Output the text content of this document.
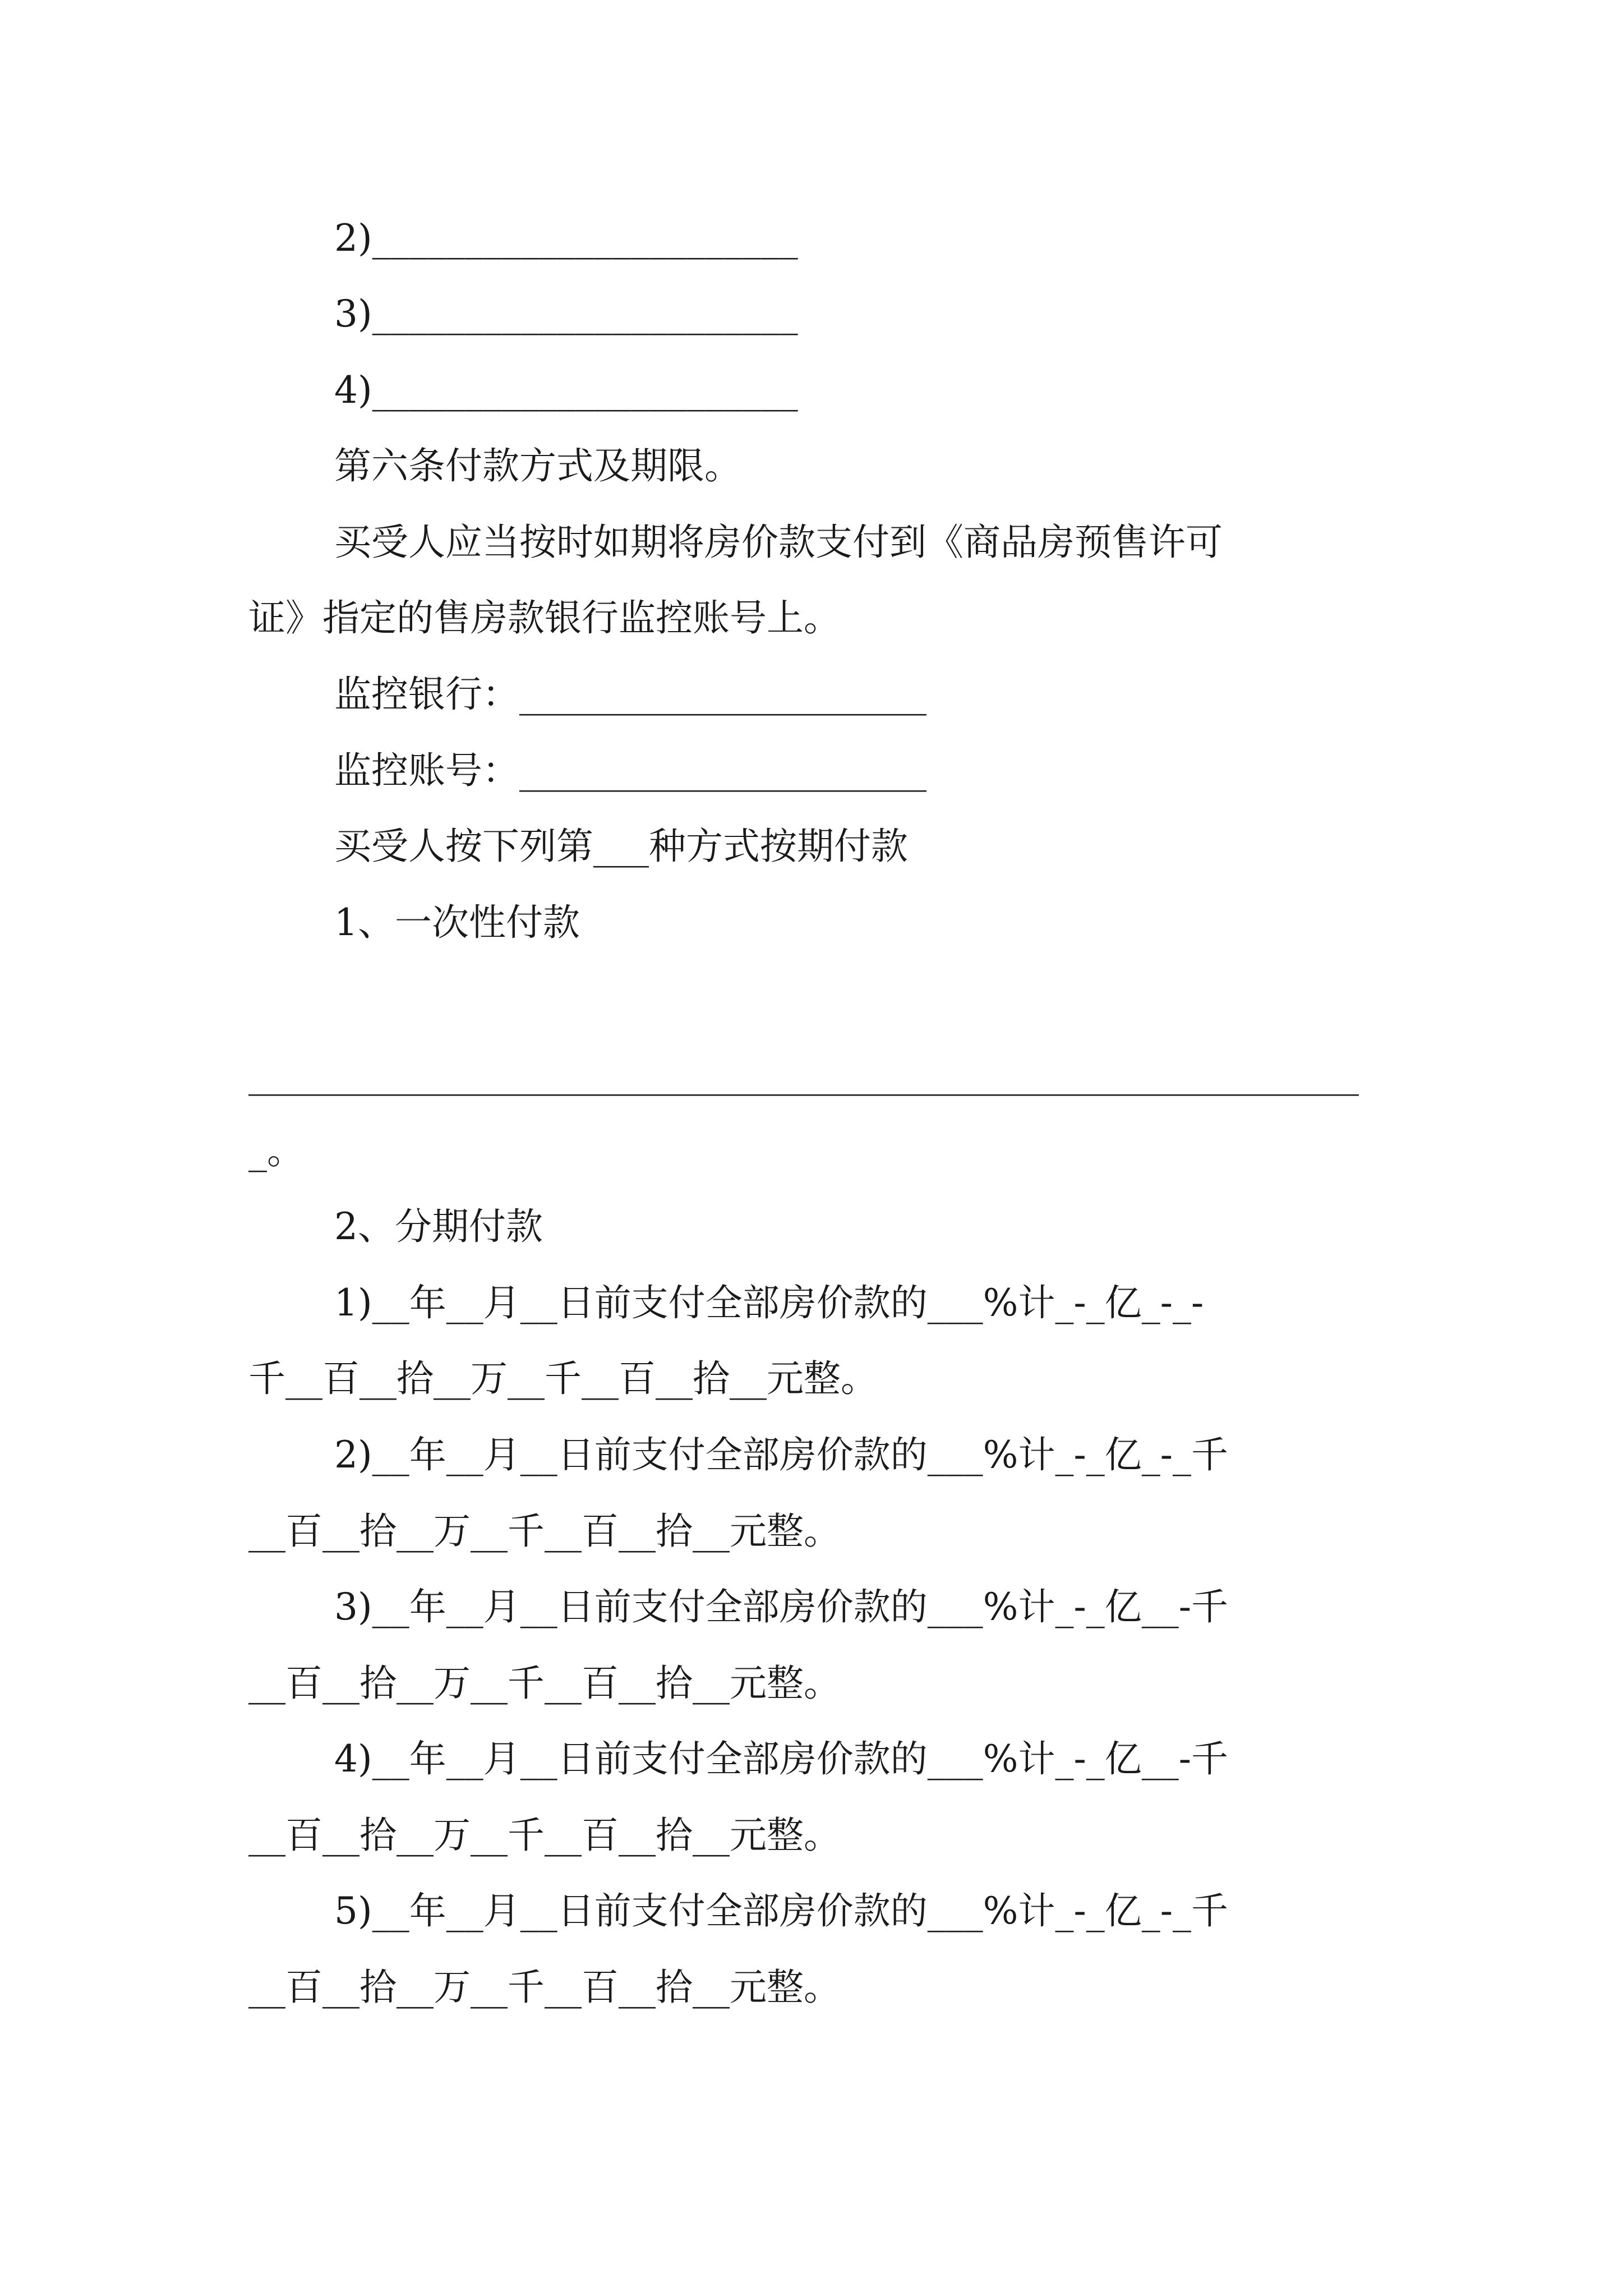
2)_______________________

3)_______________________

4)_______________________

第六条付款方式及期限。

买受人应当按时如期将房价款支付到《商品房预售许可

证》指定的售房款银行监控账号上。

监控银行：______________________

监控账号：______________________

买受人按下列第___种方式按期付款

1、一次性付款

____________________________________________________________

_。

2、分期付款

1)__年__月__日前支付全部房价款的___%计_-_亿_-_-

千__百__拾__万__千__百__拾__元整。

2)__年__月__日前支付全部房价款的___%计_-_亿_-_千

__百__拾__万__千__百__拾__元整。

3)__年__月__日前支付全部房价款的___%计_-_亿__-千

__百__拾__万__千__百__拾__元整。

4)__年__月__日前支付全部房价款的___%计_-_亿__-千

__百__拾__万__千__百__拾__元整。

5)__年__月__日前支付全部房价款的___%计_-_亿_-_千

__百__拾__万__千__百__拾__元整。
